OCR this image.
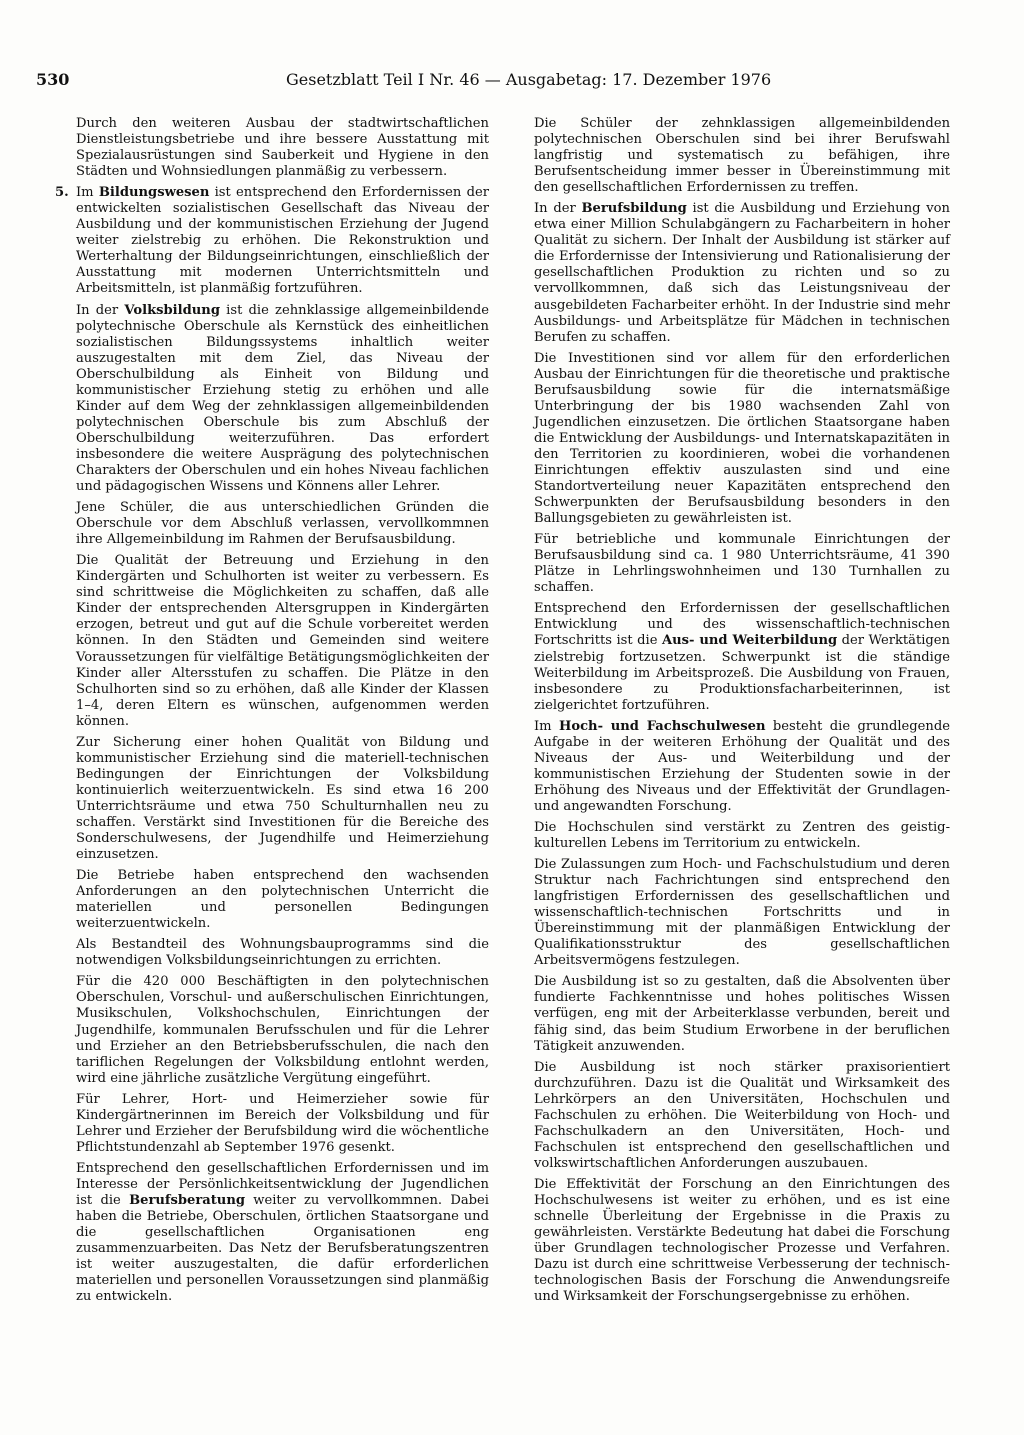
530	Gesetzblatt Teil I Nr. 46 — Ausgabetag: 17. Dezember 1976

Durch den weiteren Ausbau der stadtwirtschaftlichen Dienstleistungsbetriebe und ihre bessere Ausstattung mit Spezialausrüstungen sind Sauberkeit und Hygiene in den Städten und Wohnsiedlungen planmäßig zu verbessern.

5. Im Bildungswesen ist entsprechend den Erfordernissen der entwickelten sozialistischen Gesellschaft das Niveau der Ausbildung und der kommunistischen Erziehung der Jugend weiter zielstrebig zu erhöhen. Die Rekonstruktion und Werterhaltung der Bildungseinrichtungen, einschließlich der Ausstattung mit modernen Unterrichtsmitteln und Arbeitsmitteln, ist planmäßig fortzuführen.

In der Volksbildung ist die zehnklassige allgemeinbildende polytechnische Oberschule als Kernstück des einheitlichen sozialistischen Bildungssystems inhaltlich weiter auszugestalten mit dem Ziel, das Niveau der Oberschulbildung als Einheit von Bildung und kommunistischer Erziehung stetig zu erhöhen und alle Kinder auf dem Weg der zehnklassigen allgemeinbildenden polytechnischen Oberschule bis zum Abschluß der Oberschulbildung weiterzuführen. Das erfordert insbesondere die weitere Ausprägung des polytechnischen Charakters der Oberschulen und ein hohes Niveau fachlichen und pädagogischen Wissens und Könnens aller Lehrer.

Jene Schüler, die aus unterschiedlichen Gründen die Oberschule vor dem Abschluß verlassen, vervollkommnen ihre Allgemeinbildung im Rahmen der Berufsausbildung.

Die Qualität der Betreuung und Erziehung in den Kindergärten und Schulhorten ist weiter zu verbessern. Es sind schrittweise die Möglichkeiten zu schaffen, daß alle Kinder der entsprechenden Altersgruppen in Kindergärten erzogen, betreut und gut auf die Schule vorbereitet werden können. In den Städten und Gemeinden sind weitere Voraussetzungen für vielfältige Betätigungsmöglichkeiten der Kinder aller Altersstufen zu schaffen. Die Plätze in den Schulhorten sind so zu erhöhen, daß alle Kinder der Klassen 1–4, deren Eltern es wünschen, aufgenommen werden können.

Zur Sicherung einer hohen Qualität von Bildung und kommunistischer Erziehung sind die materiell-technischen Bedingungen der Einrichtungen der Volksbildung kontinuierlich weiterzuentwickeln. Es sind etwa 16 200 Unterrichtsräume und etwa 750 Schulturnhallen neu zu schaffen. Verstärkt sind Investitionen für die Bereiche des Sonderschulwesens, der Jugendhilfe und Heimerziehung einzusetzen.

Die Betriebe haben entsprechend den wachsenden Anforderungen an den polytechnischen Unterricht die materiellen und personellen Bedingungen weiterzuentwickeln.

Als Bestandteil des Wohnungsbauprogramms sind die notwendigen Volksbildungseinrichtungen zu errichten.

Für die 420 000 Beschäftigten in den polytechnischen Oberschulen, Vorschul- und außerschulischen Einrichtungen, Musikschulen, Volkshochschulen, Einrichtungen der Jugendhilfe, kommunalen Berufsschulen und für die Lehrer und Erzieher an den Betriebsberufsschulen, die nach den tariflichen Regelungen der Volksbildung entlohnt werden, wird eine jährliche zusätzliche Vergütung eingeführt.

Für Lehrer, Hort- und Heimerzieher sowie für Kindergärtnerinnen im Bereich der Volksbildung und für Lehrer und Erzieher der Berufsbildung wird die wöchentliche Pflichtstundenzahl ab September 1976 gesenkt.

Entsprechend den gesellschaftlichen Erfordernissen und im Interesse der Persönlichkeitsentwicklung der Jugendlichen ist die Berufsberatung weiter zu vervollkommnen. Dabei haben die Betriebe, Oberschulen, örtlichen Staatsorgane und die gesellschaftlichen Organisationen eng zusammenzuarbeiten. Das Netz der Berufsberatungszentren ist weiter auszugestalten, die dafür erforderlichen materiellen und personellen Voraussetzungen sind planmäßig zu entwickeln.

Die Schüler der zehnklassigen allgemeinbildenden polytechnischen Oberschulen sind bei ihrer Berufswahl langfristig und systematisch zu befähigen, ihre Berufsentscheidung immer besser in Übereinstimmung mit den gesellschaftlichen Erfordernissen zu treffen.

In der Berufsbildung ist die Ausbildung und Erziehung von etwa einer Million Schulabgängern zu Facharbeitern in hoher Qualität zu sichern. Der Inhalt der Ausbildung ist stärker auf die Erfordernisse der Intensivierung und Rationalisierung der gesellschaftlichen Produktion zu richten und so zu vervollkommnen, daß sich das Leistungsniveau der ausgebildeten Facharbeiter erhöht. In der Industrie sind mehr Ausbildungs- und Arbeitsplätze für Mädchen in technischen Berufen zu schaffen.

Die Investitionen sind vor allem für den erforderlichen Ausbau der Einrichtungen für die theoretische und praktische Berufsausbildung sowie für die internatsmäßige Unterbringung der bis 1980 wachsenden Zahl von Jugendlichen einzusetzen. Die örtlichen Staatsorgane haben die Entwicklung der Ausbildungs- und Internatskapazitäten in den Territorien zu koordinieren, wobei die vorhandenen Einrichtungen effektiv auszulasten sind und eine Standortverteilung neuer Kapazitäten entsprechend den Schwerpunkten der Berufsausbildung besonders in den Ballungsgebieten zu gewährleisten ist.

Für betriebliche und kommunale Einrichtungen der Berufsausbildung sind ca. 1 980 Unterrichtsräume, 41 390 Plätze in Lehrlingswohnheimen und 130 Turnhallen zu schaffen.

Entsprechend den Erfordernissen der gesellschaftlichen Entwicklung und des wissenschaftlich-technischen Fortschritts ist die Aus- und Weiterbildung der Werktätigen zielstrebig fortzusetzen. Schwerpunkt ist die ständige Weiterbildung im Arbeitsprozeß. Die Ausbildung von Frauen, insbesondere zu Produktionsfacharbeiterinnen, ist zielgerichtet fortzuführen.

Im Hoch- und Fachschulwesen besteht die grundlegende Aufgabe in der weiteren Erhöhung der Qualität und des Niveaus der Aus- und Weiterbildung und der kommunistischen Erziehung der Studenten sowie in der Erhöhung des Niveaus und der Effektivität der Grundlagen- und angewandten Forschung.

Die Hochschulen sind verstärkt zu Zentren des geistig-kulturellen Lebens im Territorium zu entwickeln.

Die Zulassungen zum Hoch- und Fachschulstudium und deren Struktur nach Fachrichtungen sind entsprechend den langfristigen Erfordernissen des gesellschaftlichen und wissenschaftlich-technischen Fortschritts und in Übereinstimmung mit der planmäßigen Entwicklung der Qualifikationsstruktur des gesellschaftlichen Arbeitsvermögens festzulegen.

Die Ausbildung ist so zu gestalten, daß die Absolventen über fundierte Fachkenntnisse und hohes politisches Wissen verfügen, eng mit der Arbeiterklasse verbunden, bereit und fähig sind, das beim Studium Erworbene in der beruflichen Tätigkeit anzuwenden.

Die Ausbildung ist noch stärker praxisorientiert durchzuführen. Dazu ist die Qualität und Wirksamkeit des Lehrkörpers an den Universitäten, Hochschulen und Fachschulen zu erhöhen. Die Weiterbildung von Hoch- und Fachschulkadern an den Universitäten, Hoch- und Fachschulen ist entsprechend den gesellschaftlichen und volkswirtschaftlichen Anforderungen auszubauen.

Die Effektivität der Forschung an den Einrichtungen des Hochschulwesens ist weiter zu erhöhen, und es ist eine schnelle Überleitung der Ergebnisse in die Praxis zu gewährleisten. Verstärkte Bedeutung hat dabei die Forschung über Grundlagen technologischer Prozesse und Verfahren. Dazu ist durch eine schrittweise Verbesserung der technisch-technologischen Basis der Forschung die Anwendungsreife und Wirksamkeit der Forschungsergebnisse zu erhöhen.
